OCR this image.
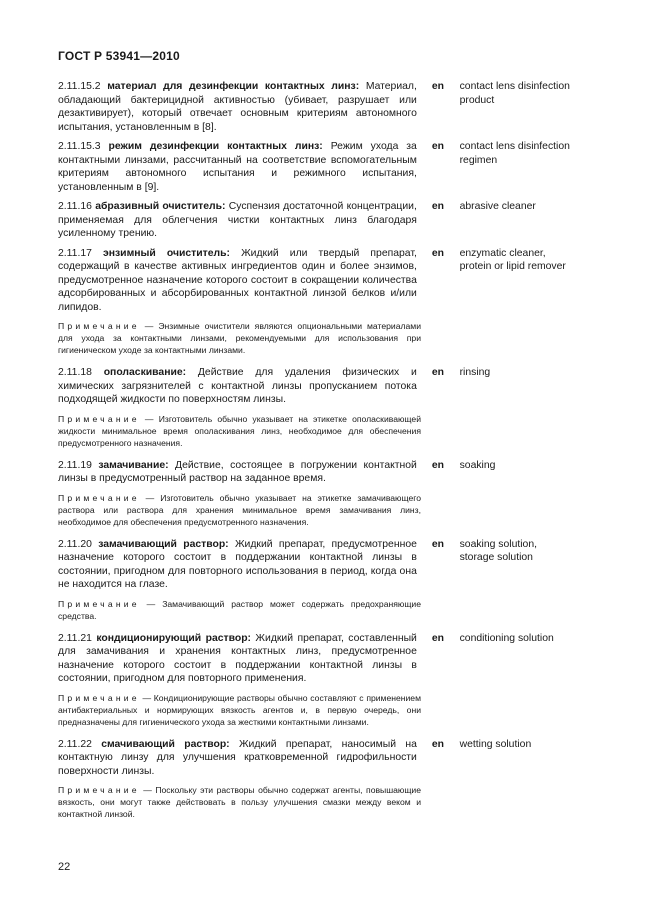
ГОСТ Р 53941—2010
2.11.15.2 материал для дезинфекции контактных линз: Материал, обладающий бактерицидной активностью (убивает, разрушает или дезактивирует), который отвечает основным критериям автономного испытания, установленным в [8].
en	contact lens disinfection
product
2.11.15.3 режим дезинфекции контактных линз: Режим ухода за контактными линзами, рассчитанный на соответствие вспомогательным критериям автономного испытания и режимного испытания, установленным в [9].
en	contact lens disinfection
regimen
2.11.16 абразивный очиститель: Суспензия достаточной концентрации, применяемая для облегчения чистки контактных линз благодаря усиленному трению.
en	abrasive cleaner
2.11.17 энзимный очиститель: Жидкий или твердый препарат, содержащий в качестве активных ингредиентов один и более энзимов, предусмотренное назначение которого состоит в сокращении количества адсорбированных и абсорбированных контактной линзой белков и/или липидов.
en	enzymatic cleaner,
protein or lipid remover
Примечание — Энзимные очистители являются опциональными материалами для ухода за контактными линзами, рекомендуемыми для использования при гигиеническом уходе за контактными линзами.
2.11.18 ополаскивание: Действие для удаления физических и химических загрязнителей с контактной линзы пропусканием потока подходящей жидкости по поверхностям линзы.
en	rinsing
Примечание — Изготовитель обычно указывает на этикетке ополаскивающей жидкости минимальное время ополаскивания линз, необходимое для обеспечения предусмотренного назначения.
2.11.19 замачивание: Действие, состоящее в погружении контактной линзы в предусмотренный раствор на заданное время.
en	soaking
Примечание — Изготовитель обычно указывает на этикетке замачивающего раствора или раствора для хранения минимальное время замачивания линз, необходимое для обеспечения предусмотренного назначения.
2.11.20 замачивающий раствор: Жидкий препарат, предусмотренное назначение которого состоит в поддержании контактной линзы в состоянии, пригодном для повторного использования в период, когда она не находится на глазе.
en	soaking solution,
storage solution
Примечание — Замачивающий раствор может содержать предохраняющие средства.
2.11.21 кондиционирующий раствор: Жидкий препарат, составленный для замачивания и хранения контактных линз, предусмотренное назначение которого состоит в поддержании контактной линзы в состоянии, пригодном для повторного применения.
en	conditioning solution
Примечание — Кондиционирующие растворы обычно составляют с применением антибактериальных и нормирующих вязкость агентов и, в первую очередь, они предназначены для гигиенического ухода за жесткими контактными линзами.
2.11.22 смачивающий раствор: Жидкий препарат, наносимый на контактную линзу для улучшения кратковременной гидрофильности поверхности линзы.
en	wetting solution
Примечание — Поскольку эти растворы обычно содержат агенты, повышающие вязкость, они могут также действовать в пользу улучшения смазки между веком и контактной линзой.
22
